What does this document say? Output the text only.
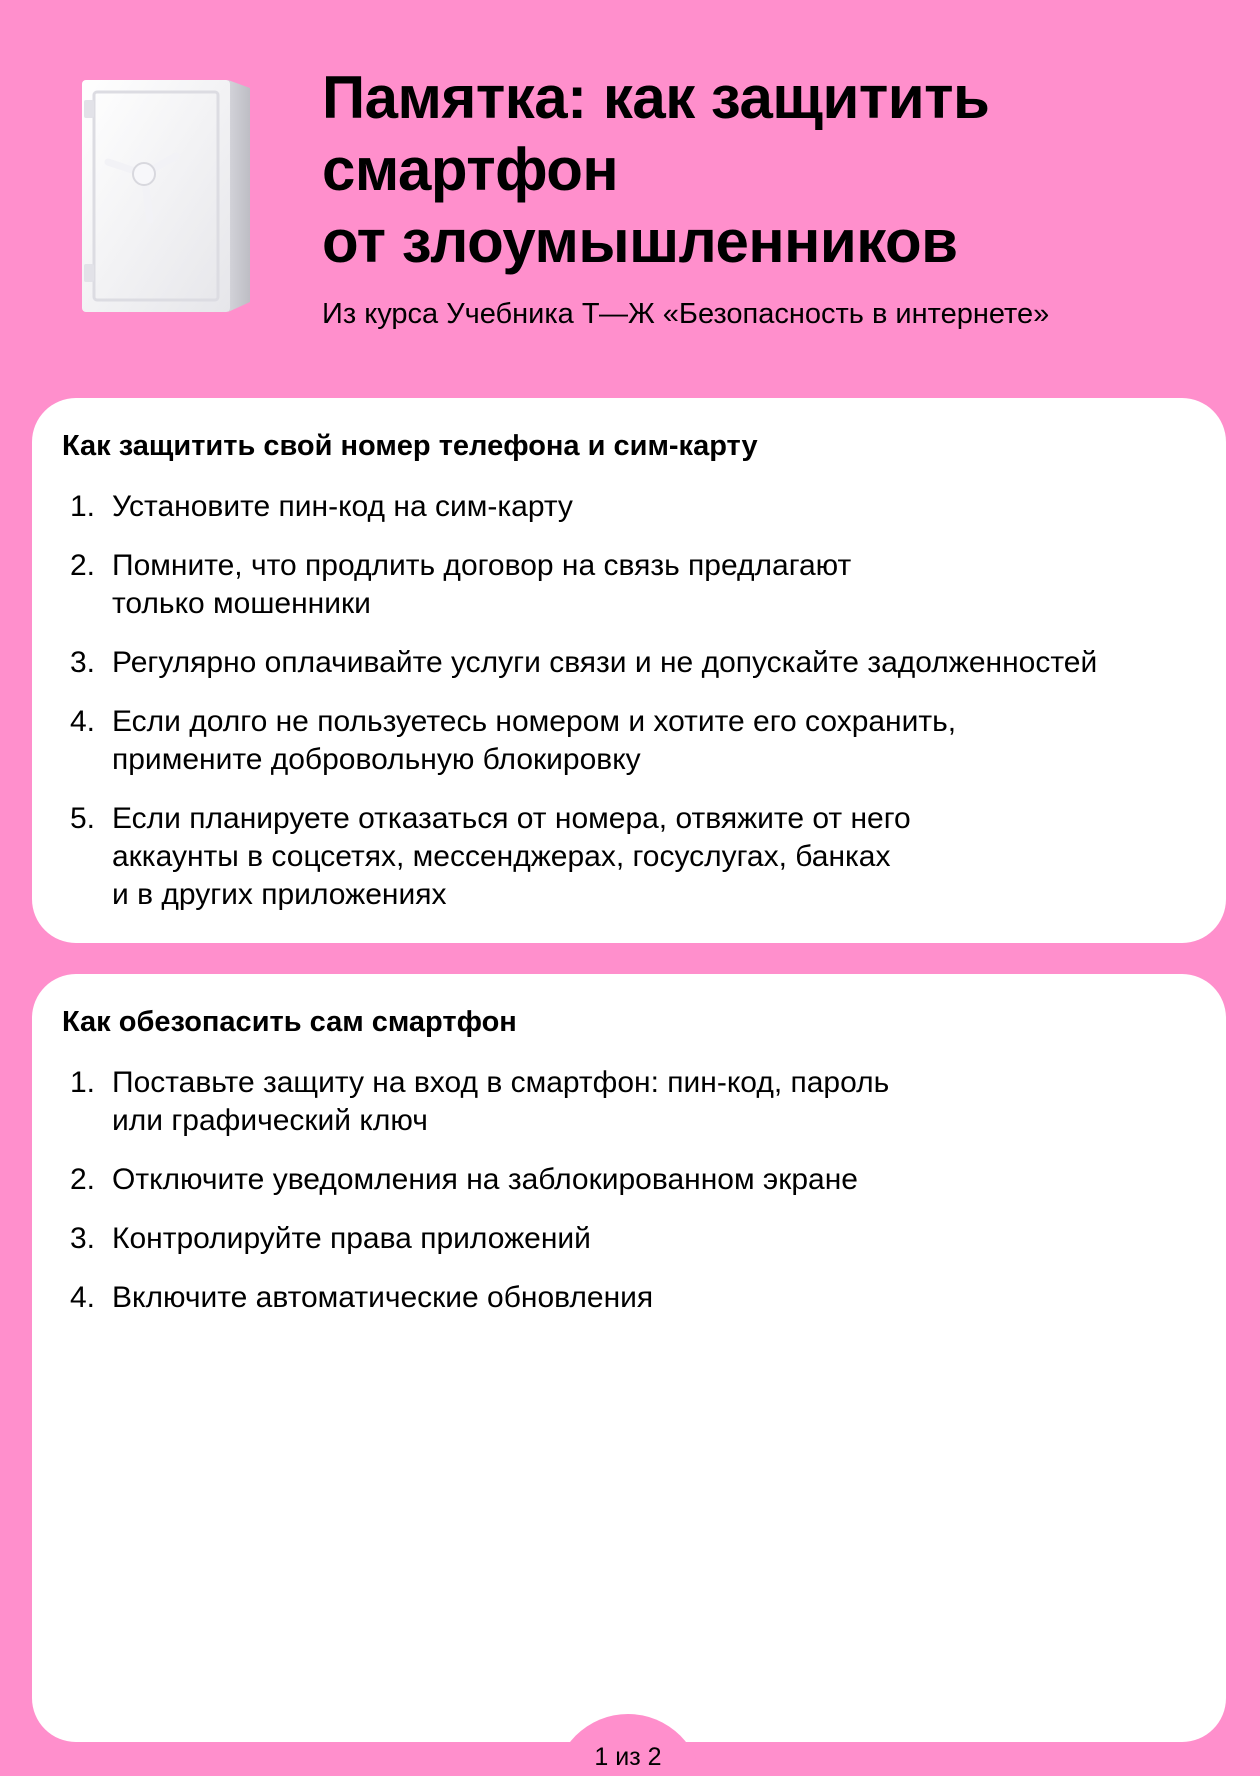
Памятка: как защитить
смартфон
от злоумышленников
Из курса Учебника Т—Ж «Безопасность в интернете»
Как защитить свой номер телефона и сим-карту
1. Установите пин-код на сим-карту
2. Помните, что продлить договор на связь предлагают
только мошенники
3. Регулярно оплачивайте услуги связи и не допускайте задолженностей
4. Если долго не пользуетесь номером и хотите его сохранить,
примените добровольную блокировку
5. Если планируете отказаться от номера, отвяжите от него
аккаунты в соцсетях, мессенджерах, госуслугах, банках
и в других приложениях
Как обезопасить сам смартфон
1. Поставьте защиту на вход в смартфон: пин-код, пароль
или графический ключ
2. Отключите уведомления на заблокированном экране
3. Контролируйте права приложений
4. Включите автоматические обновления
1 из 2
